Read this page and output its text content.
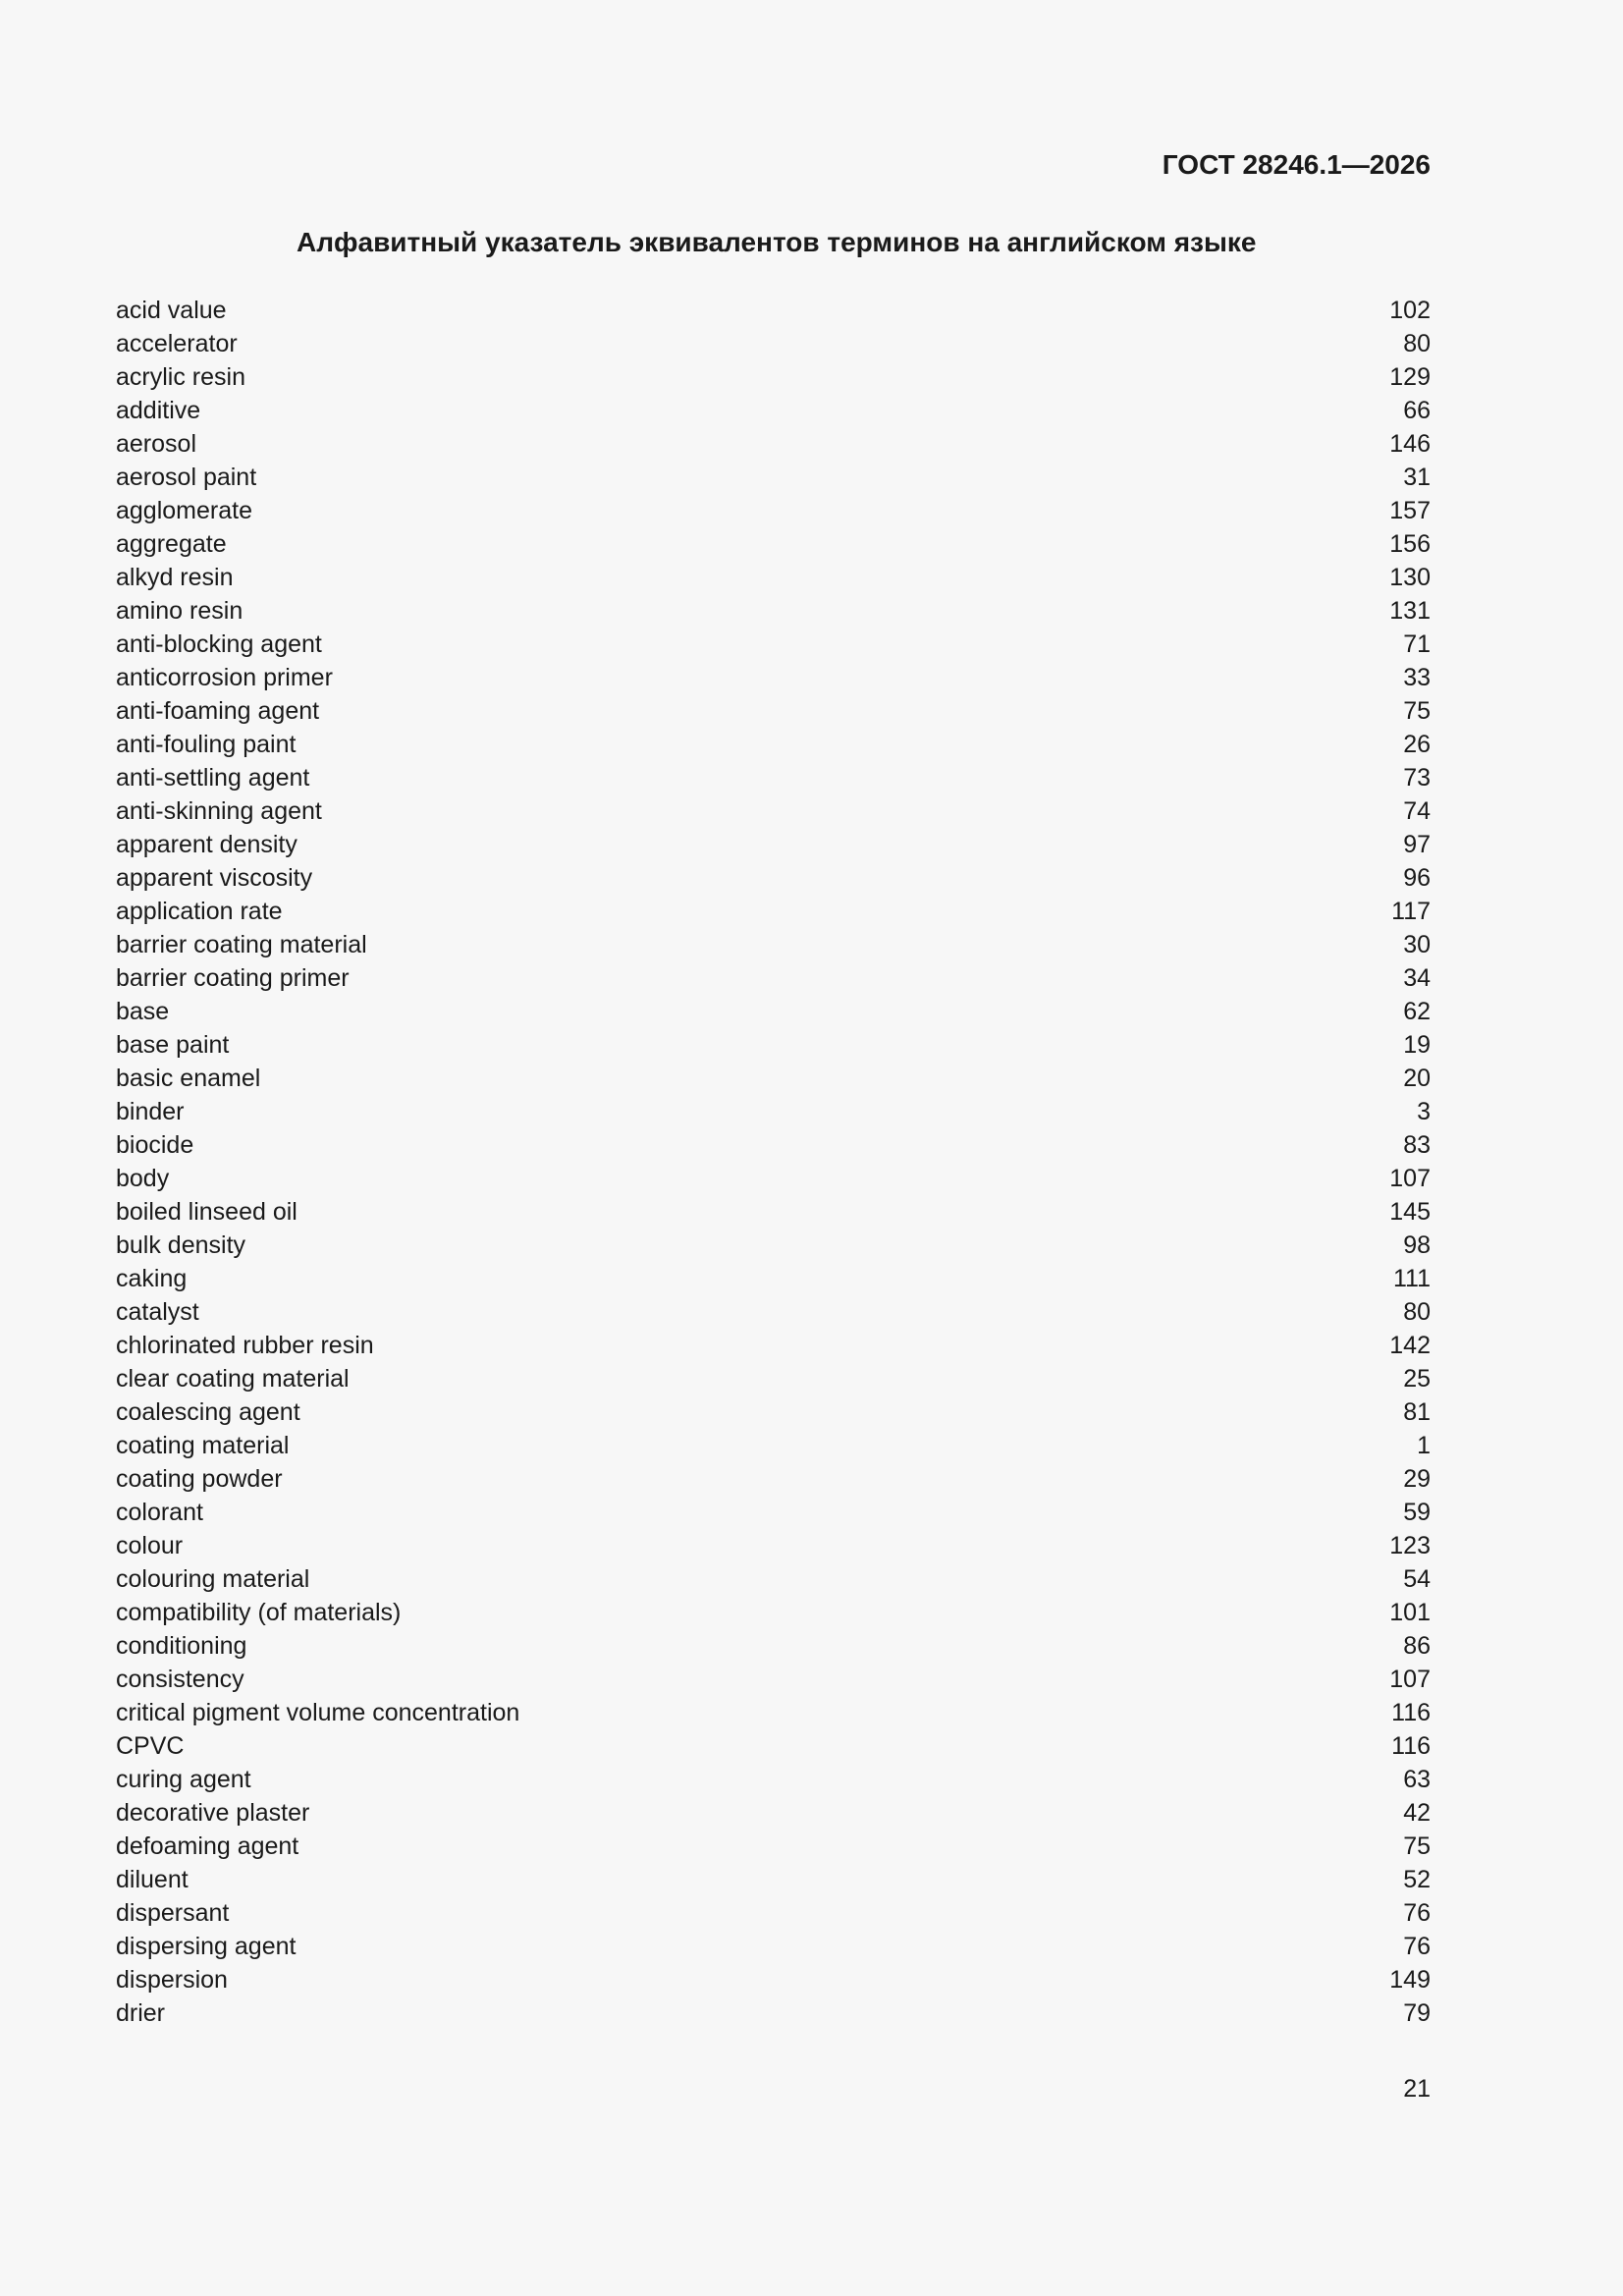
ГОСТ 28246.1—2026
Алфавитный указатель эквивалентов терминов на английском языке
acid value	102
accelerator	80
acrylic resin	129
additive	66
aerosol	146
aerosol paint	31
agglomerate	157
aggregate	156
alkyd resin	130
amino resin	131
anti-blocking agent	71
anticorrosion primer	33
anti-foaming agent	75
anti-fouling paint	26
anti-settling agent	73
anti-skinning agent	74
apparent density	97
apparent viscosity	96
application rate	117
barrier coating material	30
barrier coating primer	34
base	62
base paint	19
basic enamel	20
binder	3
biocide	83
body	107
boiled linseed oil	145
bulk density	98
caking	111
catalyst	80
chlorinated rubber resin	142
clear coating material	25
coalescing agent	81
coating material	1
coating powder	29
colorant	59
colour	123
colouring material	54
compatibility (of materials)	101
conditioning	86
consistency	107
critical pigment volume concentration	116
CPVC	116
curing agent	63
decorative plaster	42
defoaming agent	75
diluent	52
dispersant	76
dispersing agent	76
dispersion	149
drier	79
21
